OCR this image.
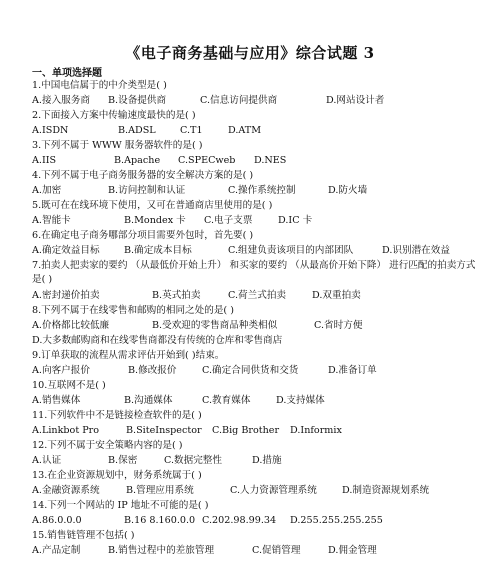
《电子商务基础与应用》综合试题 3
一、单项选择题
1.中国电信属于的中介类型是( )
A.接入服务商 B.设备提供商	C.信息访问提供商	D.网站设计者
2.下面接入方案中传输速度最快的是( )
A.ISDN	B.ADSL	C.T1	D.ATM
3.下列不属于 WWW 服务器软件的是( )
A.IIS	B.Apache C.SPECweb D.NES
4.下列不属于电子商务服务器的安全解决方案的是( )
A.加密	B.访问控制和认证	C.操作系统控制	D.防火墙
5.既可在在线环境下使用，又可在普通商店里使用的是( )
A.智能卡	B.Mondex 卡 C.电子支票	D.IC 卡
6.在确定电子商务哪部分项目需要外包时，首先要( )
A.确定效益目标	B.确定成本目标	C.组建负责该项目的内部团队	D.识别潜在效益
7.拍卖人把卖家的要约 （从最低价开始上升） 和买家的要约 （从最高价开始下降） 进行匹配的拍卖方式是( )
A.密封递价拍卖	B.英式拍卖	C.荷兰式拍卖	D.双重拍卖
8.下列不属于在线零售和邮购的相同之处的是( )
A.价格都比较低廉	B.受欢迎的零售商品种类相似	C.省时方便
D.大多数邮购商和在线零售商都没有传统的仓库和零售商店
9.订单获取的流程从需求评估开始到( )结束。
A.向客户报价	B.修改报价	C.确定合同供货和交货	D.准备订单
10.互联网不是( )
A.销售媒体	B.沟通媒体	C.教育媒体	D.支持媒体
11.下列软件中不是链接检查软件的是( )
A.Linkbot Pro	B.SiteInspector C.Big Brother D.Informix
12.下列不属于安全策略内容的是( )
A.认证	B.保密	C.数据完整性	D.措施
13.在企业资源规划中，财务系统属于( )
A.金融资源系统	B.管理应用系统	C.人力资源管理系统	D.制造资源规划系统
14.下列一个网站的 IP 地址不可能的是( )
A.86.0.0.0	B.16 8.160.0.0 C.202.98.99.34 D.255.255.255.255
15.销售链管理不包括( )
A.产品定制	B.销售过程中的差旅管理	C.促销管理	D.佣金管理
